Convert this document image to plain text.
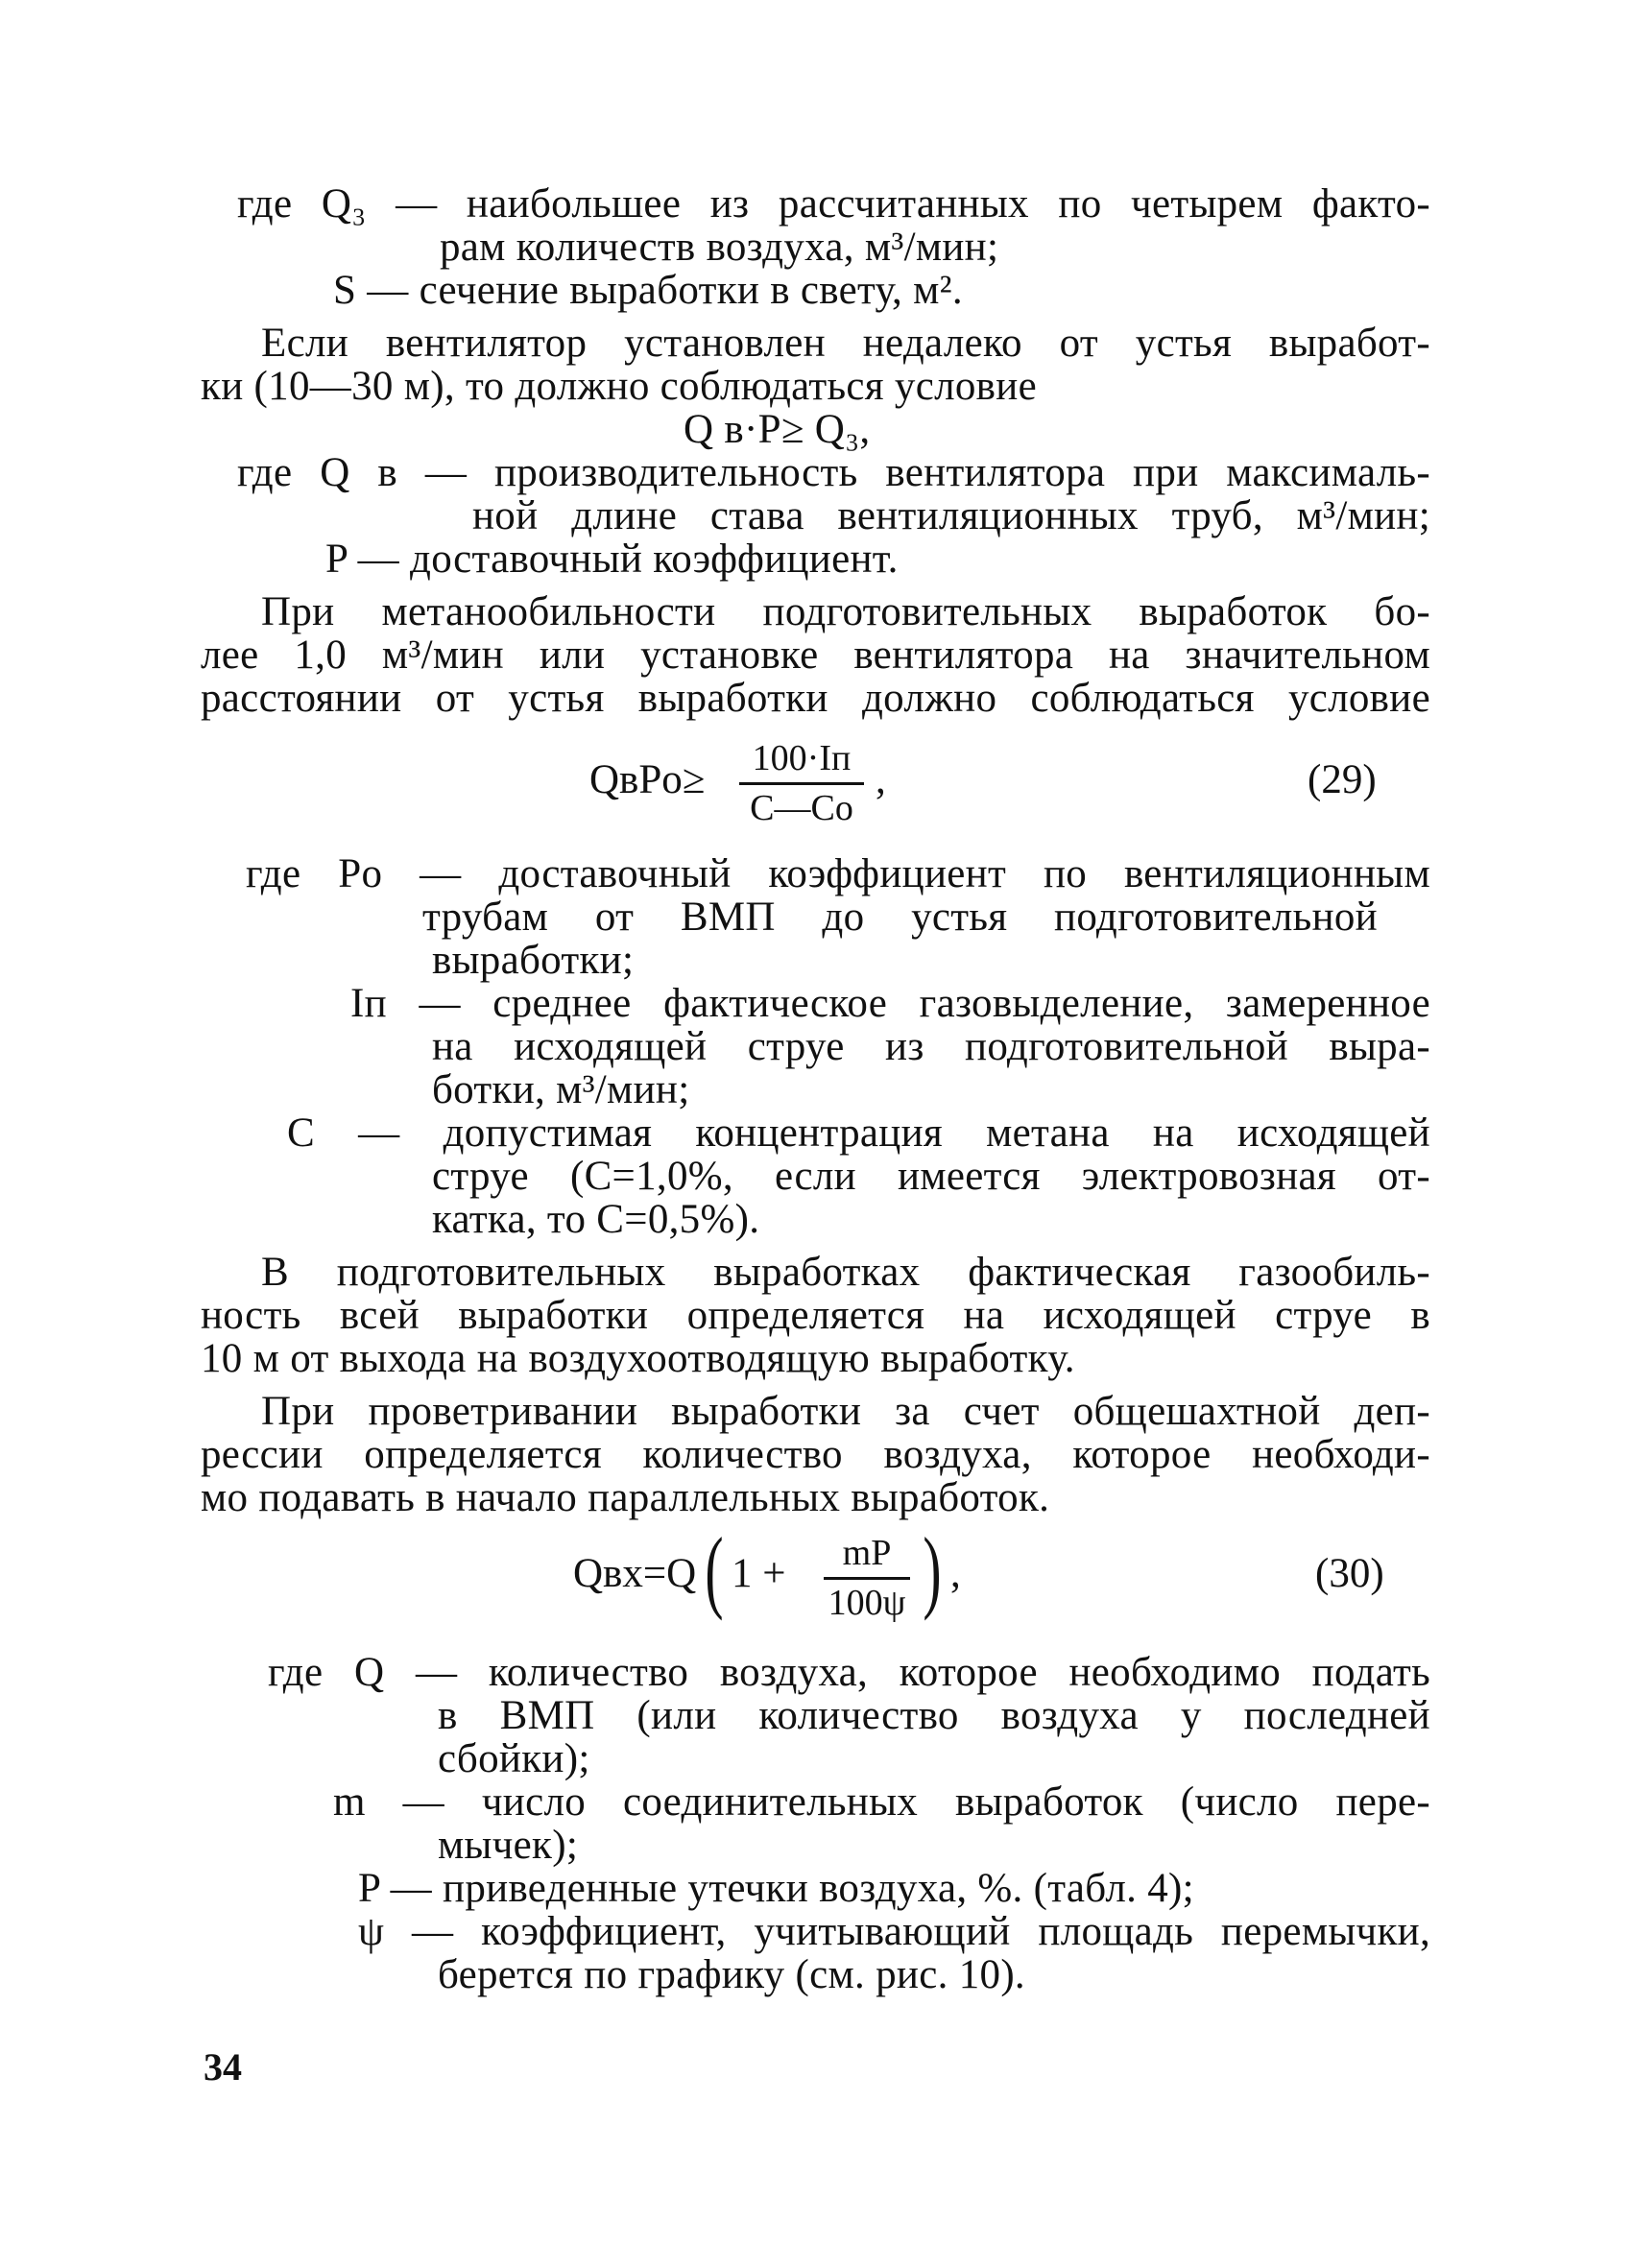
где Q₃ — наибольшее из рассчитанных по четырем факто-
рам количеств воздуха, м³/мин;
S — сечение выработки в свету, м².
Если вентилятор установлен недалеко от устья выработ-
ки (10—30 м), то должно соблюдаться условие
Q в·P≥ Q₃,
где Q в — производительность вентилятора при максималь-
ной длине става вентиляционных труб, м³/мин;
P — доставочный коэффициент.
При метанообильности подготовительных выработок бо-
лее 1,0 м³/мин или установке вентилятора на значительном
расстоянии от устья выработки должно соблюдаться условие
QвPо≥	100·Iп
C—Cо
,	(29)
где Pо — доставочный коэффициент по вентиляционным
трубам от ВМП до устья подготовительной
выработки;
Iп — среднее фактическое газовыделение, замеренное
на исходящей струе из подготовительной выра-
ботки, м³/мин;
C — допустимая концентрация метана на исходящей
струе (C=1,0%, если имеется электровозная от-
катка, то C=0,5%).
В подготовительных выработках фактическая газообиль-
ность всей выработки определяется на исходящей струе в
10 м от выхода на воздухоотводящую выработку.
При проветривании выработки за счет общешахтной деп-
рессии определяется количество воздуха, которое необходи-
мо подавать в начало параллельных выработок.
Qвх=Q ( 1 +	mP
100ψ ) ,	(30)
где Q — количество воздуха, которое необходимо подать
в ВМП (или количество воздуха у последней
сбойки);
m — число соединительных выработок (число пере-
мычек);
P — приведенные утечки воздуха, %. (табл. 4);
ψ — коэффициент, учитывающий площадь перемычки,
берется по графику (см. рис. 10).
34
